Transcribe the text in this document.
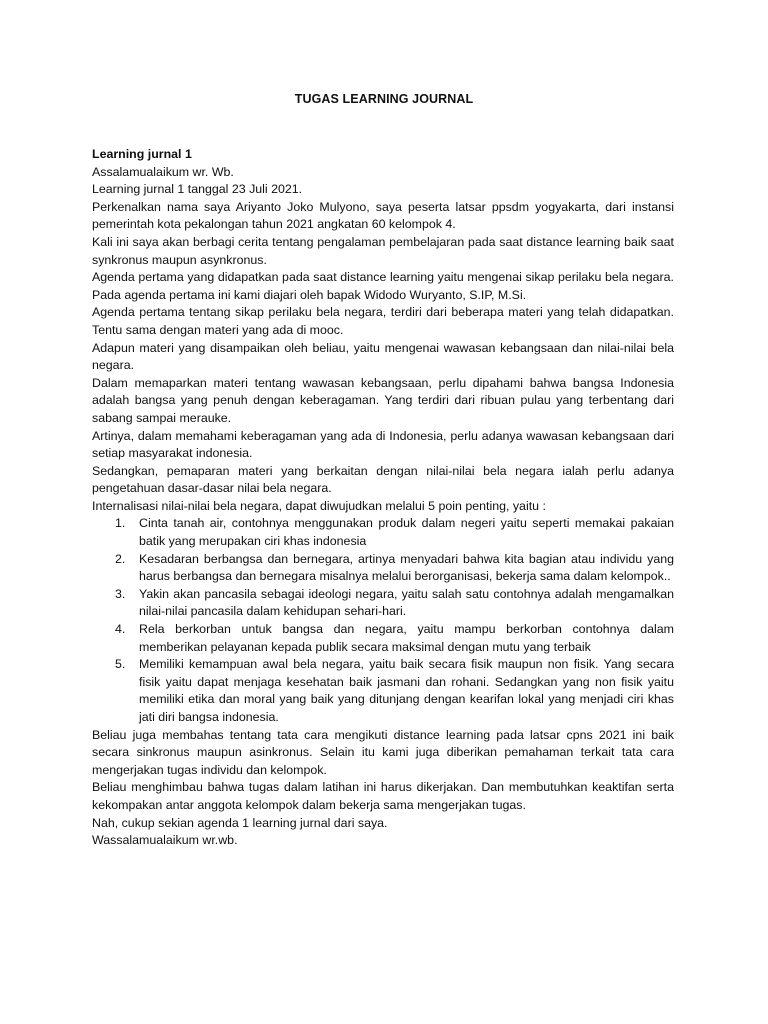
TUGAS LEARNING JOURNAL

Learning jurnal 1

Assalamualaikum wr. Wb.

Learning jurnal 1 tanggal 23 Juli 2021.

Perkenalkan nama saya Ariyanto Joko Mulyono, saya peserta latsar ppsdm yogyakarta, dari instansi pemerintah kota pekalongan tahun 2021 angkatan 60 kelompok 4.

Kali ini saya akan berbagi cerita tentang pengalaman pembelajaran pada saat distance learning baik saat synkronus maupun asynkronus.

Agenda pertama yang didapatkan pada saat distance learning yaitu mengenai sikap perilaku bela negara. Pada agenda pertama ini kami diajari oleh bapak Widodo Wuryanto, S.IP, M.Si.

Agenda pertama tentang sikap perilaku bela negara, terdiri dari beberapa materi yang telah didapatkan. Tentu sama dengan materi yang ada di mooc.

Adapun materi yang disampaikan oleh beliau, yaitu mengenai wawasan kebangsaan dan nilai-nilai bela negara.

Dalam memaparkan materi tentang wawasan kebangsaan, perlu dipahami bahwa bangsa Indonesia adalah bangsa yang penuh dengan keberagaman. Yang terdiri dari ribuan pulau yang terbentang dari sabang sampai merauke.

Artinya, dalam memahami keberagaman yang ada di Indonesia, perlu adanya wawasan kebangsaan dari setiap masyarakat indonesia.

Sedangkan, pemaparan materi yang berkaitan dengan nilai-nilai bela negara ialah perlu adanya pengetahuan dasar-dasar nilai bela negara.

Internalisasi nilai-nilai bela negara, dapat diwujudkan melalui 5 poin penting, yaitu :

1. Cinta tanah air, contohnya menggunakan produk dalam negeri yaitu seperti memakai pakaian batik yang merupakan ciri khas indonesia
2. Kesadaran berbangsa dan bernegara, artinya menyadari bahwa kita bagian atau individu yang harus berbangsa dan bernegara misalnya melalui berorganisasi, bekerja sama dalam kelompok..
3. Yakin akan pancasila sebagai ideologi negara, yaitu salah satu contohnya adalah mengamalkan nilai-nilai pancasila dalam kehidupan sehari-hari.
4. Rela berkorban untuk bangsa dan negara, yaitu mampu berkorban contohnya dalam memberikan pelayanan kepada publik secara maksimal dengan mutu yang terbaik
5. Memiliki kemampuan awal bela negara, yaitu baik secara fisik maupun non fisik. Yang secara fisik yaitu dapat menjaga kesehatan baik jasmani dan rohani. Sedangkan yang non fisik yaitu memiliki etika dan moral yang baik yang ditunjang dengan kearifan lokal yang menjadi ciri khas jati diri bangsa indonesia.

Beliau juga membahas tentang tata cara mengikuti distance learning pada latsar cpns 2021 ini baik secara sinkronus maupun asinkronus. Selain itu kami juga diberikan pemahaman terkait tata cara mengerjakan tugas individu dan kelompok.

Beliau menghimbau bahwa tugas dalam latihan ini harus dikerjakan. Dan membutuhkan keaktifan serta kekompakan antar anggota kelompok dalam bekerja sama mengerjakan tugas.

Nah, cukup sekian agenda 1 learning jurnal dari saya.

Wassalamualaikum wr.wb.
